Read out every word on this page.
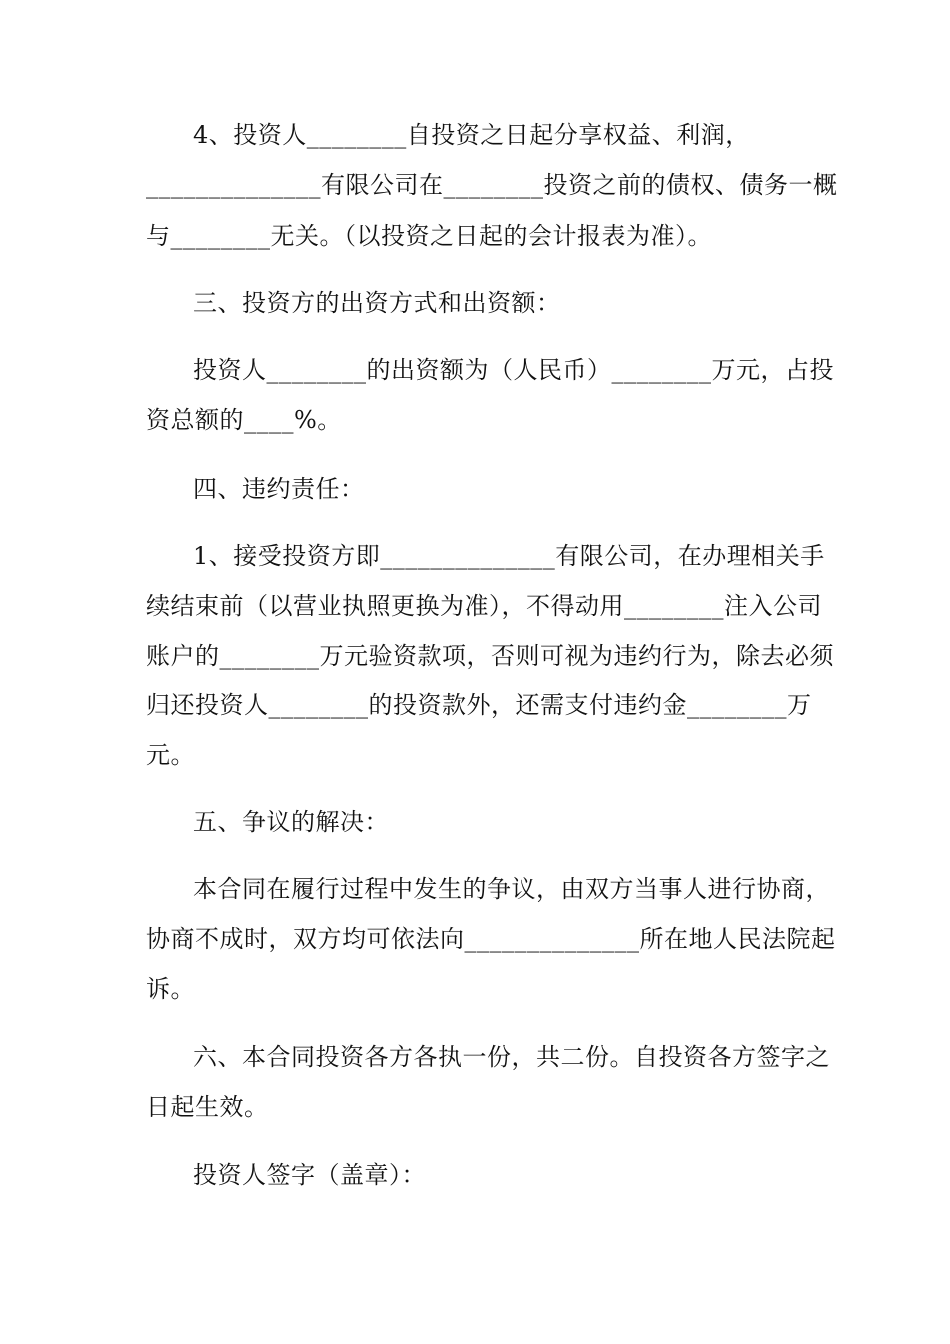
4、投资人________自投资之日起分享权益、利润，
______________有限公司在________投资之前的债权、债务一概
与________无关。（以投资之日起的会计报表为准）。
三、投资方的出资方式和出资额：
投资人________的出资额为（人民币）________万元，占投
资总额的____%。
四、违约责任：
1、接受投资方即______________有限公司，在办理相关手
续结束前（以营业执照更换为准），不得动用________注入公司
账户的________万元验资款项，否则可视为违约行为，除去必须
归还投资人________的投资款外，还需支付违约金________万
元。
五、争议的解决：
本合同在履行过程中发生的争议，由双方当事人进行协商，
协商不成时，双方均可依法向______________所在地人民法院起
诉。
六、本合同投资各方各执一份，共二份。自投资各方签字之
日起生效。
投资人签字（盖章）：
